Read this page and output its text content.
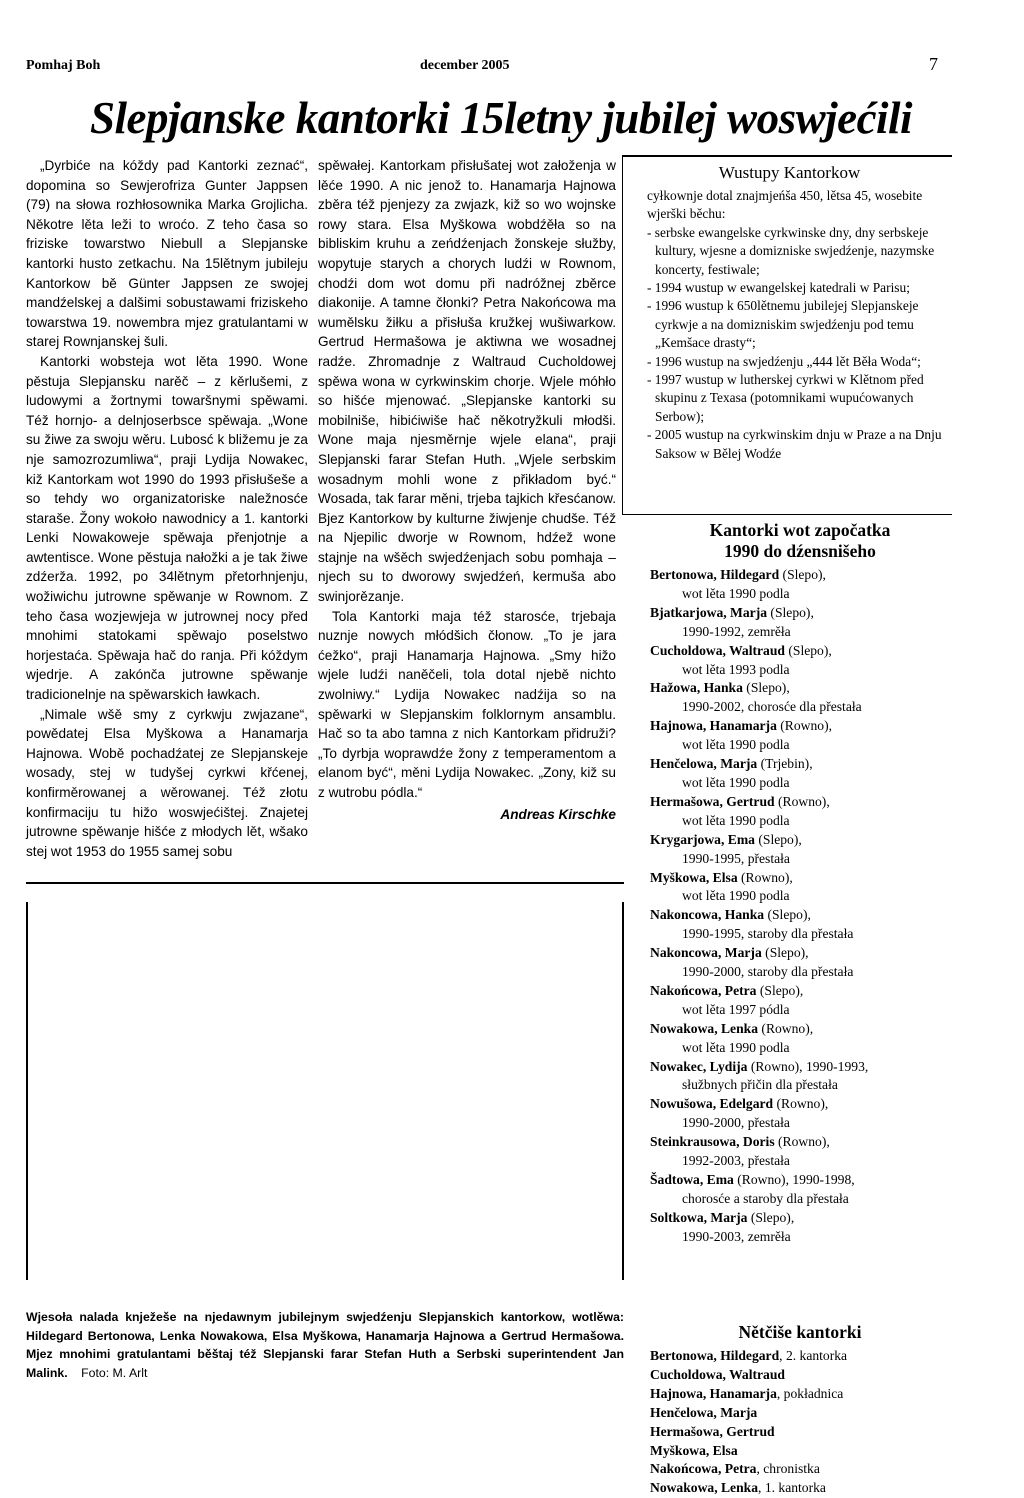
Pomhaj Boh	december 2005	7
Slepjanske kantorki 15letny jubilej woswjećili

„Dyrbiće na kóždy pad Kantorki zeznać“, dopomina so Sewjerofriza Gunter Jappsen (79) na słowa rozhłosownika Marka Grojlicha. Někotre lěta leži to wroćo. Z teho časa so friziske towarstwo Niebull a Slepjanske kantorki husto zetkachu. Na 15lětnym jubileju Kantorkow bě Günter Jappsen ze swojej mandźelskej a dalšimi sobustawami friziskeho towarstwa 19. nowembra mjez gratulantami w starej Rownjanskej šuli.

Kantorki wobsteja wot lěta 1990. Wone pěstuja Slepjansku narěč – z kěrlušemi, z ludowymi a žortnymi towaršnymi spěwami. Též hornjo- a delnjoserbsce spěwaja. „Wone su žiwe za swoju wěru. Lubosć k bližemu je za nje samozrozumliwa“, praji Lydija Nowakec, kiž Kantorkam wot 1990 do 1993 přisłušeše a so tehdy wo organizatoriske naležnosće staraše. Žony wokoło nawodnicy a 1. kantorki Lenki Nowakoweje spěwaja přenjotnje a awtentisce. Wone pěstuja nałožki a je tak žiwe zdźerža. 1992, po 34lětnym přetorhnjenju, wožiwichu jutrowne spěwanje w Rownom. Z teho časa wozjewjeja w jutrownej nocy před mnohimi statokami spěwajo poselstwo horjestaća. Spěwaja hač do ranja. Při kóždym wjedrje. A zakónča jutrowne spěwanje tradicionelnje na spěwarskich ławkach.

„Nimale wšě smy z cyrkwju zwjazane“, powědatej Elsa Myškowa a Hanamarja Hajnowa. Wobě pochadźatej ze Slepjanskeje wosady, stej w tudyšej cyrkwi křćenej, konfirměrowanej a wěrowanej. Též złotu konfirmaciju tu hižo woswjećištej. Znajetej jutrowne spěwanje hišće z młodych lět, wšako stej wot 1953 do 1955 samej sobu

spěwałej. Kantorkam přisłušatej wot załoženja w lěće 1990. A nic jenož to. Hanamarja Hajnowa zběra též pjenjezy za zwjazk, kiž so wo wojnske rowy stara. Elsa Myškowa wobdźěła so na bibliskim kruhu a zeńdźenjach žonskeje słužby, wopytuje starych a chorych ludźi w Rownom, chodźi dom wot domu při nadróžnej zběrce diakonije. A tamne čłonki? Petra Nakońcowa ma wumělsku žiłku a přisłuša kružkej wušiwarkow. Gertrud Hermašowa je aktiwna we wosadnej radźe. Zhromadnje z Waltraud Cucholdowej spěwa wona w cyrkwinskim chorje. Wjele móhło so hišće mjenować. „Slepjanske kantorki su mobilniše, hibićiwiše hač někotryžkuli młodši. Wone maja njesměrnje wjele elana“, praji Slepjanski farar Stefan Huth. „Wjele serbskim wosadnym mohli wone z přikładom być.“ Wosada, tak farar měni, trjeba tajkich křesćanow. Bjez Kantorkow by kulturne žiwjenje chudše. Též na Njepilic dworje w Rownom, hdźež wone stajnje na wšěch swjedźenjach sobu pomhaja – njech su to dworowy swjedźeń, kermuša abo swinjorězanje.

Tola Kantorki maja též starosće, trjebaja nuznje nowych młódšich čłonow. „To je jara ćežko“, praji Hanamarja Hajnowa. „Smy hižo wjele ludźi naněčeli, tola dotal njebě nichto zwolniwy.“ Lydija Nowakec nadźija so na spěwarki w Slepjanskim folklornym ansamblu. Hač so ta abo tamna z nich Kantorkam přidruži? „To dyrbja woprawdźe žony z temperamentom a elanom być“, měni Lydija Nowakec. „Zony, kiž su z wutrobu pódla.“

Andreas Kirschke
Wustupy Kantorkow
cyłkownje dotal znajmjeńša 450, lětsa 45, wosebite wjerški běchu:
- serbske ewangelske cyrkwinske dny, dny serbskeje kultury, wjesne a domizniske swjedźenje, nazymske koncerty, festiwale;
- 1994 wustup w ewangelskej katedrali w Parisu;
- 1996 wustup k 650lětnemu jubilejej Slepjanskeje cyrkwje a na domizniskim swjedźenju pod temu „Kemšace drasty“;
- 1996 wustup na swjedźenju „444 lět Běła Woda“;
- 1997 wustup w lutherskej cyrkwi w Klětnom před skupinu z Texasa (potomnikami wupućowanych Serbow);
- 2005 wustup na cyrkwinskim dnju w Praze a na Dnju Saksow w Bělej Wodźe
Kantorki wot započatka
1990 do dźensnišeho
Bertonowa, Hildegard (Slepo),
wot lěta 1990 podla
Bjatkarjowa, Marja (Slepo),
1990-1992, zemrěła
Cucholdowa, Waltraud (Slepo),
wot lěta 1993 podla
Hažowa, Hanka (Slepo),
1990-2002, chorosće dla přestała
Hajnowa, Hanamarja (Rowno),
wot lěta 1990 podla
Henčelowa, Marja (Trjebin),
wot lěta 1990 podla
Hermašowa, Gertrud (Rowno),
wot lěta 1990 podla
Krygarjowa, Ema (Slepo),
1990-1995, přestała
Myškowa, Elsa (Rowno),
wot lěta 1990 podla
Nakoncowa, Hanka (Slepo),
1990-1995, staroby dla přestała
Nakoncowa, Marja (Slepo),
1990-2000, staroby dla přestała
Nakońcowa, Petra (Slepo),
wot lěta 1997 pódla
Nowakowa, Lenka (Rowno),
wot lěta 1990 podla
Nowakec, Lydija (Rowno), 1990-1993,
słužbnych přičin dla přestała
Nowušowa, Edelgard (Rowno),
1990-2000, přestała
Steinkrausowa, Doris (Rowno),
1992-2003, přestała
Šadtowa, Ema (Rowno), 1990-1998,
chorosće a staroby dla přestała
Soltkowa, Marja (Slepo),
1990-2003, zemrěła
Nětčiše kantorki
Bertonowa, Hildegard, 2. kantorka
Cucholdowa, Waltraud
Hajnowa, Hanamarja, pokładnica
Henčelowa, Marja
Hermašowa, Gertrud
Myškowa, Elsa
Nakońcowa, Petra, chronistka
Nowakowa, Lenka, 1. kantorka
Wjesoła nalada knježeše na njedawnym jubilejnym swjedźenju Slepjanskich kantorkow, wotlěwa: Hildegard Bertonowa, Lenka Nowakowa, Elsa Myškowa, Hanamarja Hajnowa a Gertrud Hermašowa. Mjez mnohimi gratulantami běštaj též Slepjanski farar Stefan Huth a Serbski superintendent Jan Malink. Foto: M. Arlt
